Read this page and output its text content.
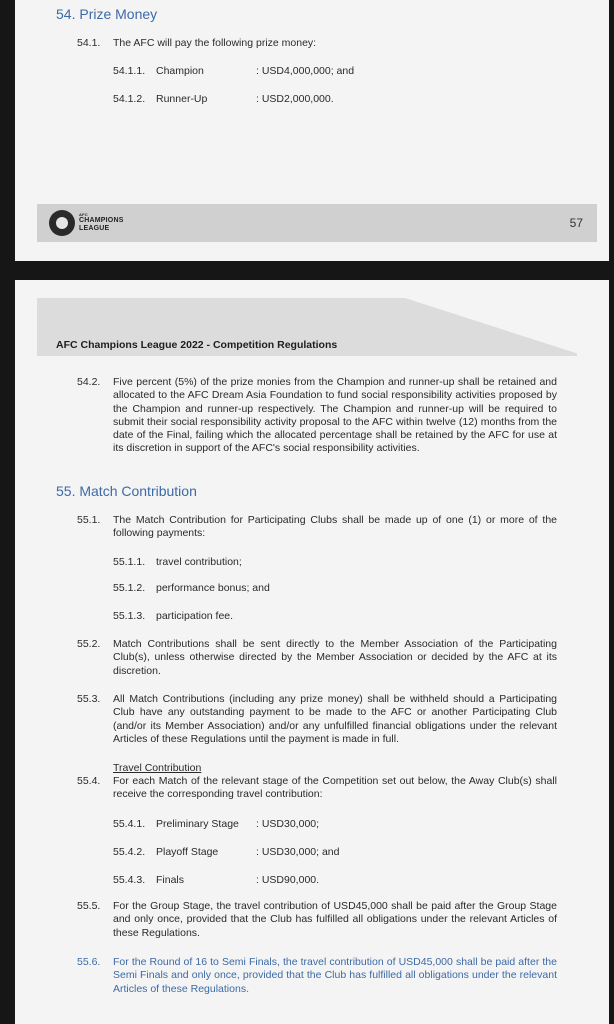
54. Prize Money
54.1. The AFC will pay the following prize money:
54.1.1. Champion	: USD4,000,000; and
54.1.2. Runner-Up	: USD2,000,000.
AFC
CHAMPIONS
LEAGUE	57
AFC Champions League 2022 - Competition Regulations
54.2. Five percent (5%) of the prize monies from the Champion and runner-up shall be retained and allocated to the AFC Dream Asia Foundation to fund social responsibility activities proposed by the Champion and runner-up respectively. The Champion and runner-up will be required to submit their social responsibility activity proposal to the AFC within twelve (12) months from the date of the Final, failing which the allocated percentage shall be retained by the AFC for use at its discretion in support of the AFC's social responsibility activities.
55. Match Contribution
55.1. The Match Contribution for Participating Clubs shall be made up of one (1) or more of the following payments:
55.1.1. travel contribution;
55.1.2. performance bonus; and
55.1.3. participation fee.
55.2. Match Contributions shall be sent directly to the Member Association of the Participating Club(s), unless otherwise directed by the Member Association or decided by the AFC at its discretion.
55.3. All Match Contributions (including any prize money) shall be withheld should a Participating Club have any outstanding payment to be made to the AFC or another Participating Club (and/or its Member Association) and/or any unfulfilled financial obligations under the relevant Articles of these Regulations until the payment is made in full.
Travel Contribution
55.4. For each Match of the relevant stage of the Competition set out below, the Away Club(s) shall receive the corresponding travel contribution:
55.4.1. Preliminary Stage : USD30,000;
55.4.2. Playoff Stage	: USD30,000; and
55.4.3. Finals	: USD90,000.
55.5. For the Group Stage, the travel contribution of USD45,000 shall be paid after the Group Stage and only once, provided that the Club has fulfilled all obligations under the relevant Articles of these Regulations.
55.6. For the Round of 16 to Semi Finals, the travel contribution of USD45,000 shall be paid after the Semi Finals and only once, provided that the Club has fulfilled all obligations under the relevant Articles of these Regulations.
